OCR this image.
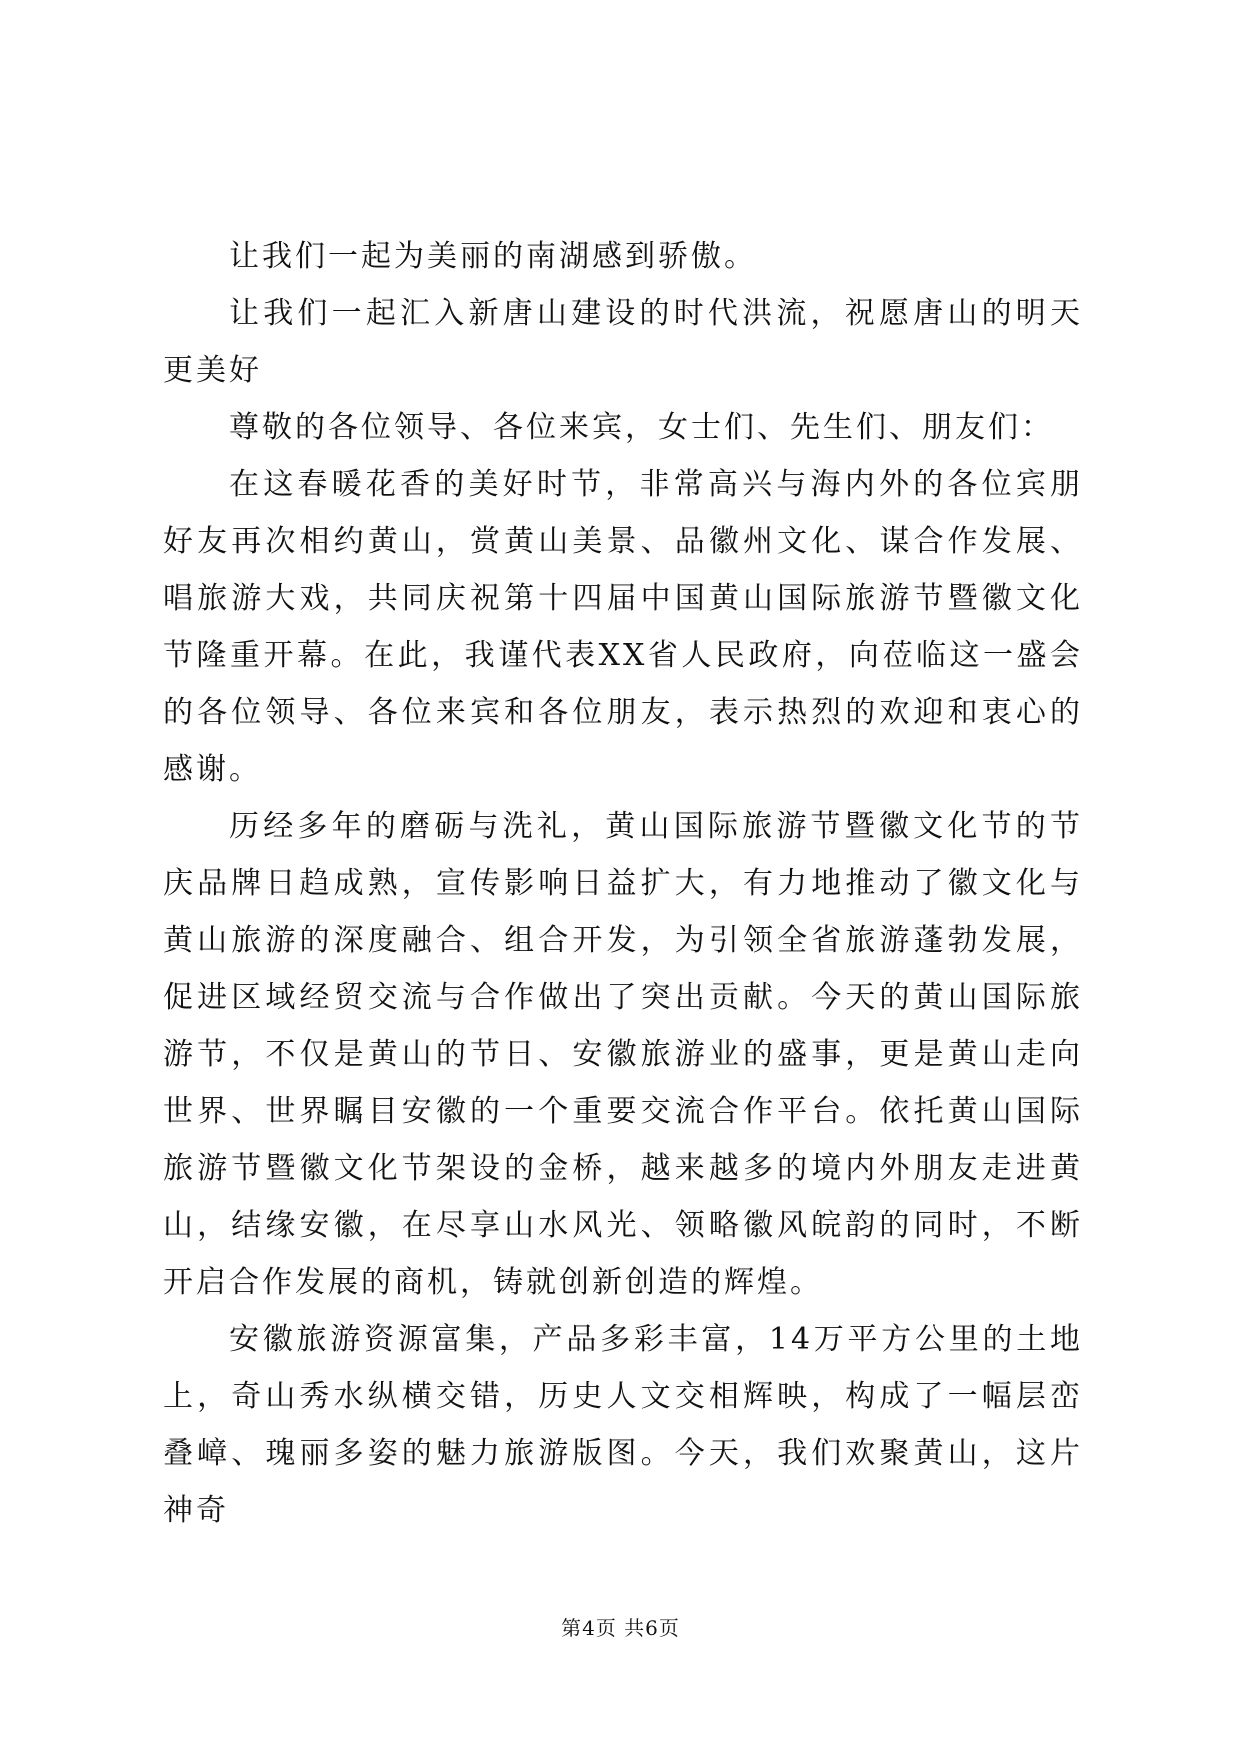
让我们一起为美丽的南湖感到骄傲。

让我们一起汇入新唐山建设的时代洪流，祝愿唐山的明天更美好

尊敬的各位领导、各位来宾，女士们、先生们、朋友们：

在这春暖花香的美好时节，非常高兴与海内外的各位宾朋好友再次相约黄山，赏黄山美景、品徽州文化、谋合作发展、唱旅游大戏，共同庆祝第十四届中国黄山国际旅游节暨徽文化节隆重开幕。在此，我谨代表XX省人民政府，向莅临这一盛会的各位领导、各位来宾和各位朋友，表示热烈的欢迎和衷心的感谢。

历经多年的磨砺与洗礼，黄山国际旅游节暨徽文化节的节庆品牌日趋成熟，宣传影响日益扩大，有力地推动了徽文化与黄山旅游的深度融合、组合开发，为引领全省旅游蓬勃发展，促进区域经贸交流与合作做出了突出贡献。今天的黄山国际旅游节，不仅是黄山的节日、安徽旅游业的盛事，更是黄山走向世界、世界瞩目安徽的一个重要交流合作平台。依托黄山国际旅游节暨徽文化节架设的金桥，越来越多的境内外朋友走进黄山，结缘安徽，在尽享山水风光、领略徽风皖韵的同时，不断开启合作发展的商机，铸就创新创造的辉煌。

安徽旅游资源富集，产品多彩丰富，14万平方公里的土地上，奇山秀水纵横交错，历史人文交相辉映，构成了一幅层峦叠嶂、瑰丽多姿的魅力旅游版图。今天，我们欢聚黄山，这片神奇

第4页 共6页
